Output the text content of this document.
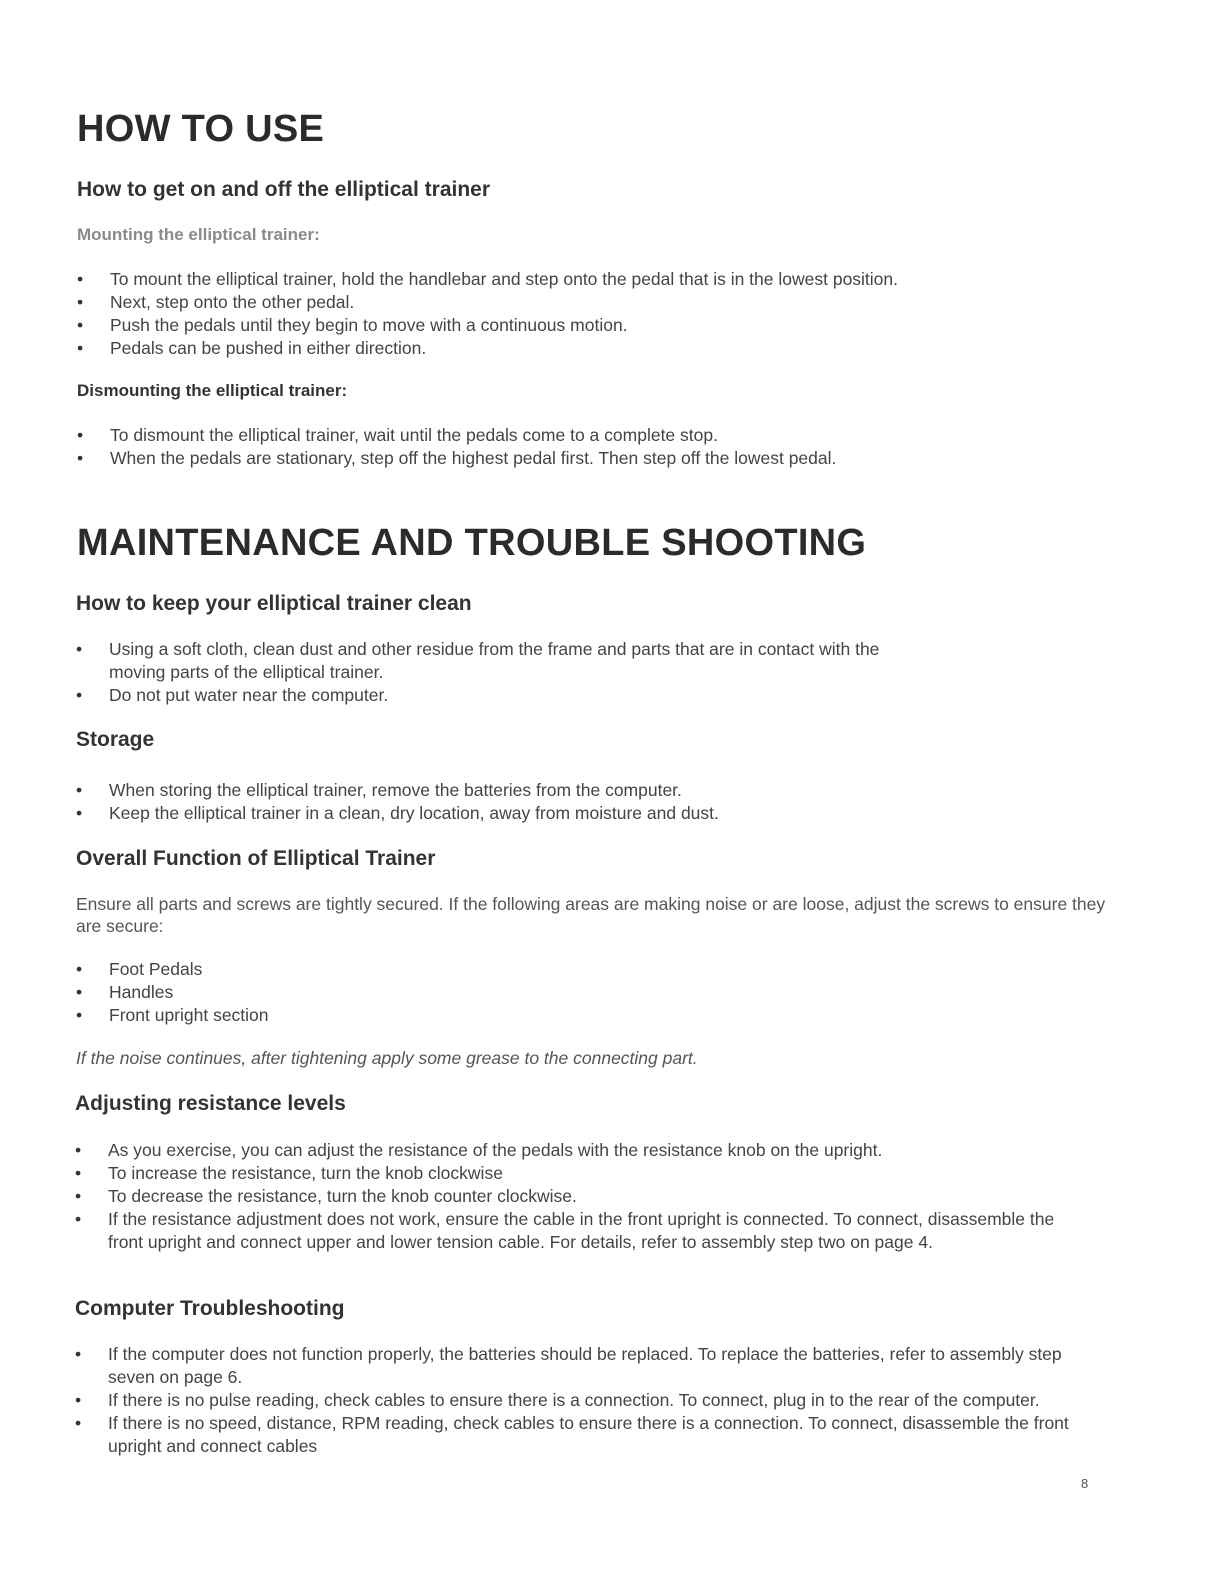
HOW TO USE
How to get on and off the elliptical trainer
Mounting the elliptical trainer:
• To mount the elliptical trainer, hold the handlebar and step onto the pedal that is in the lowest position.
• Next, step onto the other pedal.
• Push the pedals until they begin to move with a continuous motion.
• Pedals can be pushed in either direction.
Dismounting the elliptical trainer:
• To dismount the elliptical trainer, wait until the pedals come to a complete stop.
• When the pedals are stationary, step off the highest pedal first. Then step off the lowest pedal.
MAINTENANCE AND TROUBLE SHOOTING
How to keep your elliptical trainer clean
• Using a soft cloth, clean dust and other residue from the frame and parts that are in contact with the moving parts of the elliptical trainer.
• Do not put water near the computer.
Storage
• When storing the elliptical trainer, remove the batteries from the computer.
• Keep the elliptical trainer in a clean, dry location, away from moisture and dust.
Overall Function of Elliptical Trainer

Ensure all parts and screws are tightly secured. If the following areas are making noise or are loose, adjust the screws to ensure they are secure:

• Foot Pedals
• Handles
• Front upright section

If the noise continues, after tightening apply some grease to the connecting part.

Adjusting resistance levels
• As you exercise, you can adjust the resistance of the pedals with the resistance knob on the upright.
• To increase the resistance, turn the knob clockwise
• To decrease the resistance, turn the knob counter clockwise.
• If the resistance adjustment does not work, ensure the cable in the front upright is connected. To connect, disassemble the front upright and connect upper and lower tension cable. For details, refer to assembly step two on page 4.
Computer Troubleshooting
• If the computer does not function properly, the batteries should be replaced. To replace the batteries, refer to assembly step seven on page 6.
• If there is no pulse reading, check cables to ensure there is a connection. To connect, plug in to the rear of the computer.
• If there is no speed, distance, RPM reading, check cables to ensure there is a connection. To connect, disassemble the front upright and connect cables
8
